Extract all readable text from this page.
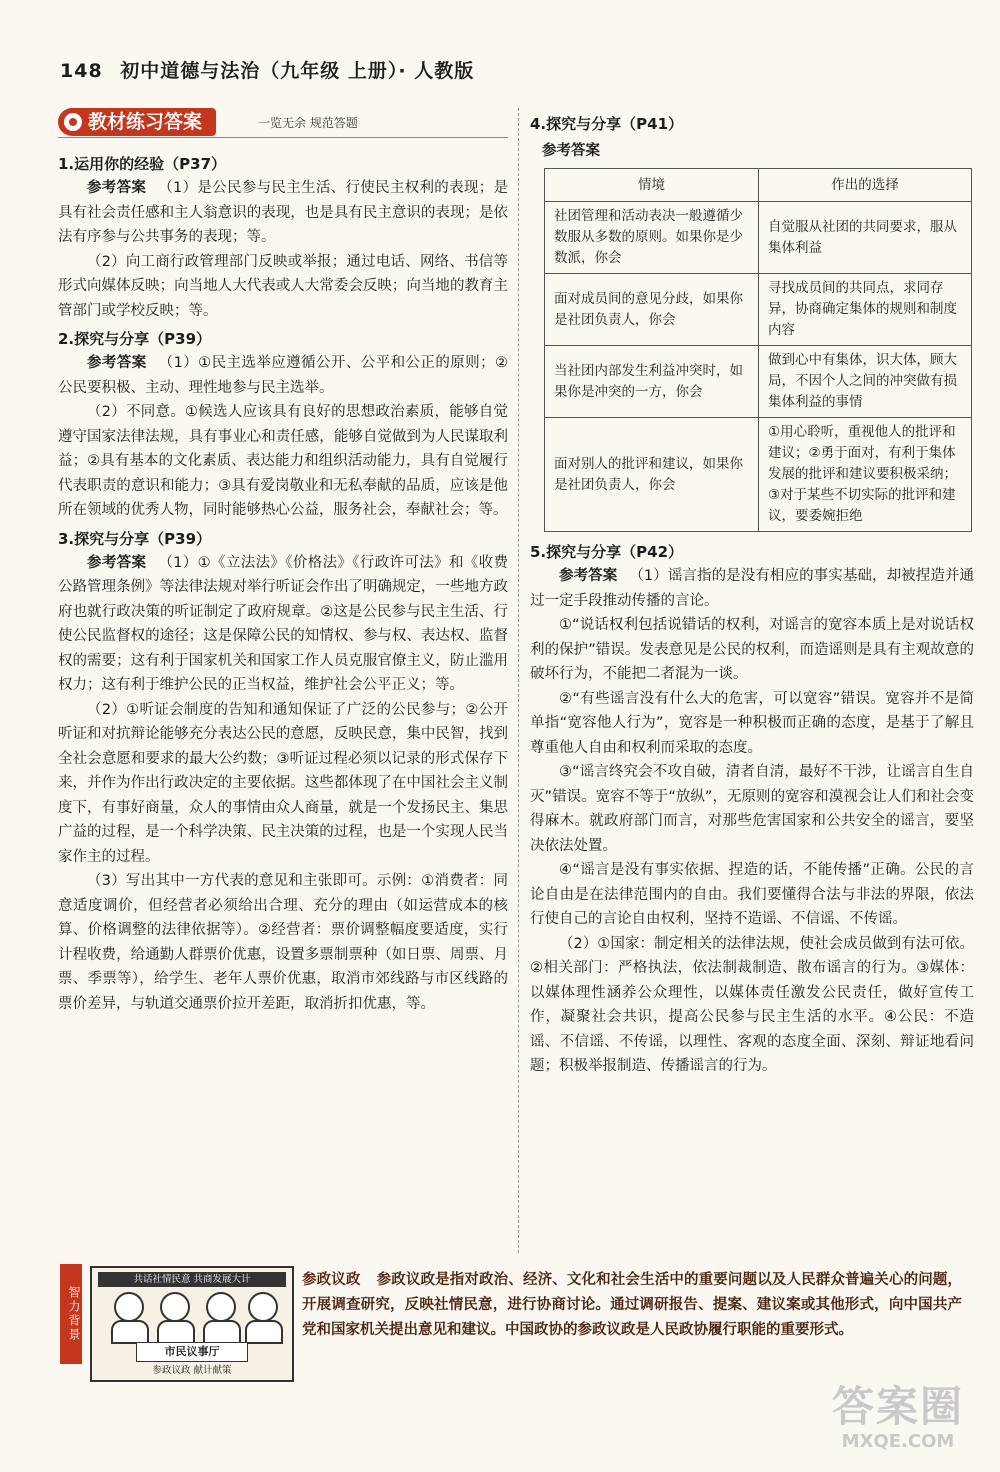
148 初中道德与法治（九年级 上册）· 人教版
教材练习答案	一览无余 规范答题
1.运用你的经验（P37）

参考答案 （1）是公民参与民主生活、行使民主权利的表现；是具有社会责任感和主人翁意识的表现，也是具有民主意识的表现；是依法有序参与公共事务的表现；等。

（2）向工商行政管理部门反映或举报；通过电话、网络、书信等形式向媒体反映；向当地人大代表或人大常委会反映；向当地的教育主管部门或学校反映；等。

2.探究与分享（P39）

参考答案 （1）①民主选举应遵循公开、公平和公正的原则；②公民要积极、主动、理性地参与民主选举。

（2）不同意。①候选人应该具有良好的思想政治素质，能够自觉遵守国家法律法规，具有事业心和责任感，能够自觉做到为人民谋取利益；②具有基本的文化素质、表达能力和组织活动能力，具有自觉履行代表职责的意识和能力；③具有爱岗敬业和无私奉献的品质，应该是他所在领域的优秀人物，同时能够热心公益，服务社会，奉献社会；等。

3.探究与分享（P39）

参考答案 （1）①《立法法》《价格法》《行政许可法》和《收费公路管理条例》等法律法规对举行听证会作出了明确规定，一些地方政府也就行政决策的听证制定了政府规章。②这是公民参与民主生活、行使公民监督权的途径；这是保障公民的知情权、参与权、表达权、监督权的需要；这有利于国家机关和国家工作人员克服官僚主义，防止滥用权力；这有利于维护公民的正当权益，维护社会公平正义；等。

（2）①听证会制度的告知和通知保证了广泛的公民参与；②公开听证和对抗辩论能够充分表达公民的意愿，反映民意，集中民智，找到全社会意愿和要求的最大公约数；③听证过程必须以记录的形式保存下来，并作为作出行政决定的主要依据。这些都体现了在中国社会主义制度下，有事好商量，众人的事情由众人商量，就是一个发扬民主、集思广益的过程，是一个科学决策、民主决策的过程，也是一个实现人民当家作主的过程。

（3）写出其中一方代表的意见和主张即可。示例：①消费者：同意适度调价，但经营者必须给出合理、充分的理由（如运营成本的核算、价格调整的法律依据等）。②经营者：票价调整幅度要适度，实行计程收费，给通勤人群票价优惠，设置多票制票种（如日票、周票、月票、季票等），给学生、老年人票价优惠，取消市郊线路与市区线路的票价差异，与轨道交通票价拉开差距，取消折扣优惠，等。

4.探究与分享（P41）
参考答案
情境	作出的选择
社团管理和活动表决一般遵循少数服从多数的原则。如果你是少数派，你会	自觉服从社团的共同要求，服从集体利益
面对成员间的意见分歧，如果你是社团负责人，你会	寻找成员间的共同点，求同存异，协商确定集体的规则和制度内容
当社团内部发生利益冲突时，如果你是冲突的一方，你会	做到心中有集体，识大体，顾大局，不因个人之间的冲突做有损集体利益的事情
面对别人的批评和建议，如果你是社团负责人，你会	①用心聆听，重视他人的批评和建议；②勇于面对，有利于集体发展的批评和建议要积极采纳；③对于某些不切实际的批评和建议，要委婉拒绝
5.探究与分享（P42）

参考答案 （1）谣言指的是没有相应的事实基础，却被捏造并通过一定手段推动传播的言论。

①“说话权利包括说错话的权利，对谣言的宽容本质上是对说话权利的保护”错误。发表意见是公民的权利，而造谣则是具有主观故意的破坏行为，不能把二者混为一谈。

②“有些谣言没有什么大的危害，可以宽容”错误。宽容并不是简单指“宽容他人行为”，宽容是一种积极而正确的态度，是基于了解且尊重他人自由和权利而采取的态度。

③“谣言终究会不攻自破，清者自清，最好不干涉，让谣言自生自灭”错误。宽容不等于“放纵”，无原则的宽容和漠视会让人们和社会变得麻木。就政府部门而言，对那些危害国家和公共安全的谣言，要坚决依法处置。

④“谣言是没有事实依据、捏造的话，不能传播”正确。公民的言论自由是在法律范围内的自由。我们要懂得合法与非法的界限，依法行使自己的言论自由权利，坚持不造谣、不信谣、不传谣。

（2）①国家：制定相关的法律法规，使社会成员做到有法可依。②相关部门：严格执法，依法制裁制造、散布谣言的行为。③媒体：以媒体理性涵养公众理性，以媒体责任激发公民责任，做好宣传工作，凝聚社会共识，提高公民参与民主生活的水平。④公民：不造谣、不信谣、不传谣，以理性、客观的态度全面、深刻、辩证地看问题；积极举报制造、传播谣言的行为。

智力背景
共话社情民意 共商发展大计
市民议事厅
参政议政 献计献策
参政议政 参政议政是指对政治、经济、文化和社会生活中的重要问题以及人民群众普遍关心的问题，开展调查研究，反映社情民意，进行协商讨论。通过调研报告、提案、建议案或其他形式，向中国共产党和国家机关提出意见和建议。中国政协的参政议政是人民政协履行职能的重要形式。
答案圈
MXQE.COM
